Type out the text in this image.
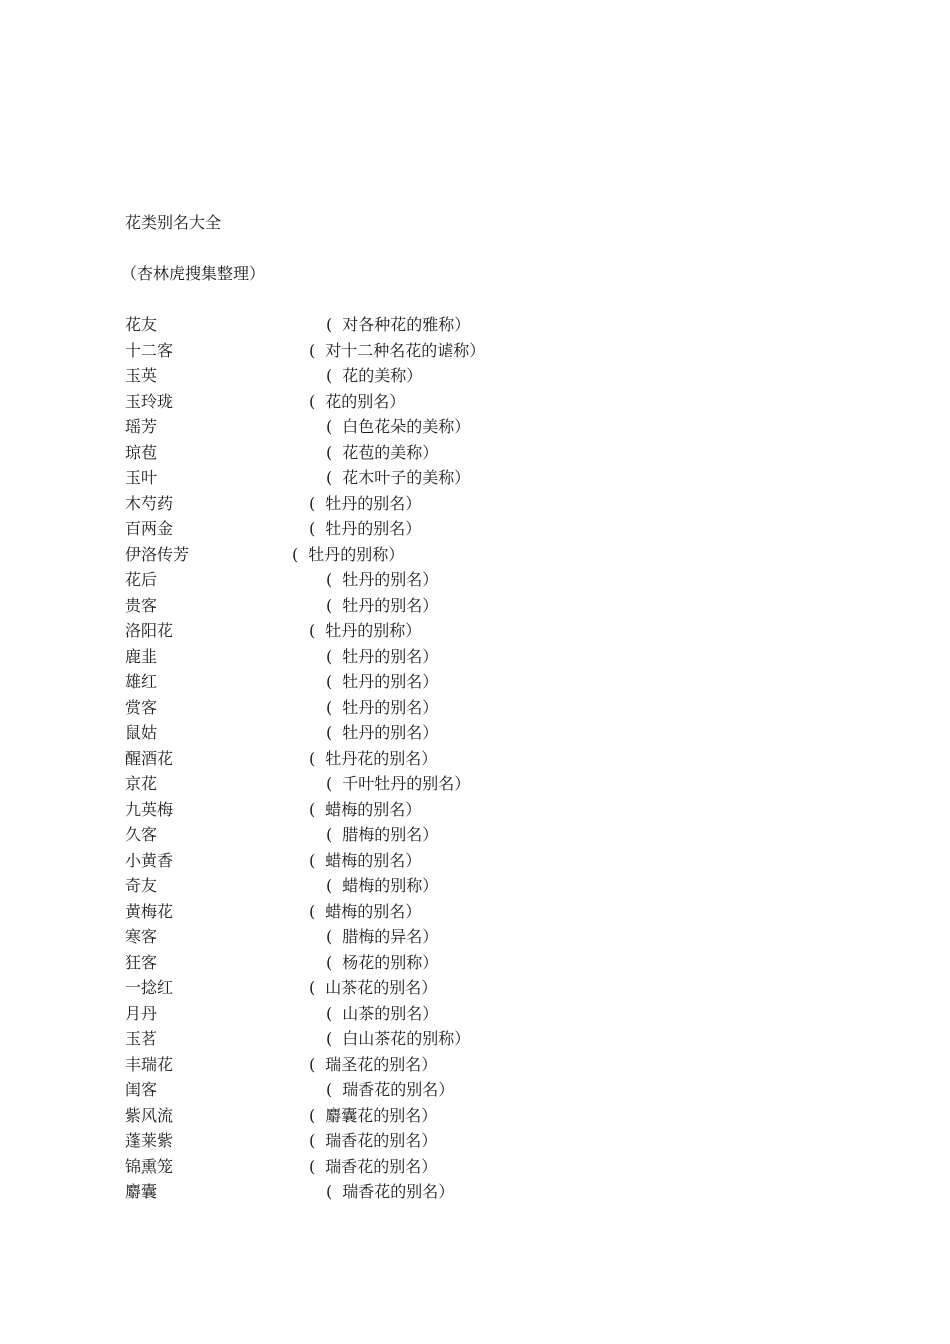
花类别名大全
（杏林虎搜集整理）
花友	( 对各种花的雅称）
十二客	( 对十二种名花的谑称）
玉英	( 花的美称）
玉玲珑	( 花的别名）
瑶芳	( 白色花朵的美称）
琼苞	( 花苞的美称）
玉叶	( 花木叶子的美称）
木芍药	( 牡丹的别名）
百两金	( 牡丹的别名）
伊洛传芳	( 牡丹的别称）
花后	( 牡丹的别名）
贵客	( 牡丹的别名）
洛阳花	( 牡丹的别称）
鹿韭	( 牡丹的别名）
雄红	( 牡丹的别名）
赏客	( 牡丹的别名）
鼠姑	( 牡丹的别名）
醒酒花	( 牡丹花的别名）
京花	( 千叶牡丹的别名）
九英梅	( 蜡梅的别名）
久客	( 腊梅的别名）
小黄香	( 蜡梅的别名）
奇友	( 蜡梅的别称）
黄梅花	( 蜡梅的别名）
寒客	( 腊梅的异名）
狂客	( 杨花的别称）
一捻红	( 山茶花的别名）
月丹	( 山茶的别名）
玉茗	( 白山茶花的别称）
丰瑞花	( 瑞圣花的别名）
闺客	( 瑞香花的别名）
紫风流	( 麝囊花的别名）
蓬莱紫	( 瑞香花的别名）
锦熏笼	( 瑞香花的别名）
麝囊	( 瑞香花的别名）
